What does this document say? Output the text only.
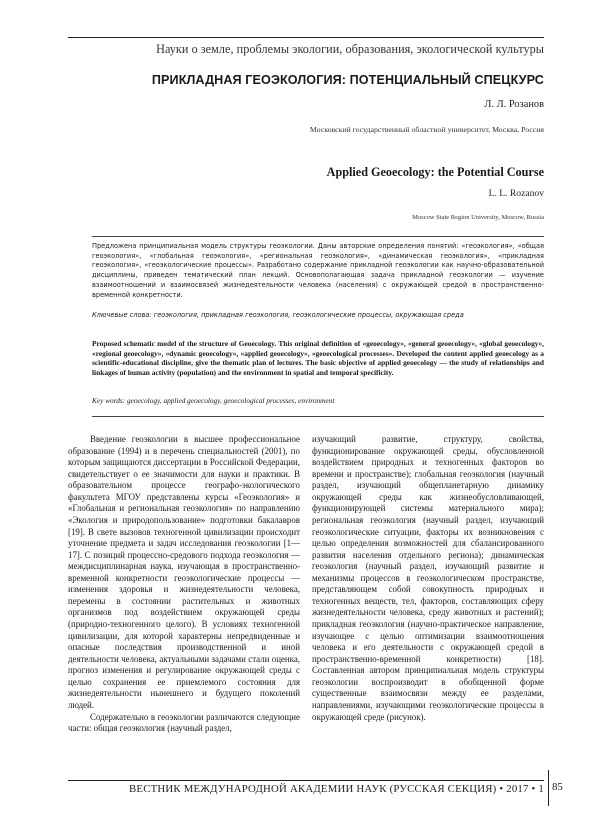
Науки о земле, проблемы экологии, образования, экологической культуры
ПРИКЛАДНАЯ ГЕОЭКОЛОГИЯ: ПОТЕНЦИАЛЬНЫЙ СПЕЦКУРС
Л. Л. Розанов
Московский государственный областной университет, Москва, Россия
Applied Geoecology: the Potential Course
L. L. Rozanov
Moscow State Region University, Moscow, Russia
Предложена принципиальная модель структуры геоэкологии. Даны авторские определения понятий: «геоэкология», «общая геоэкология», «глобальная геоэкология», «региональная геоэкология», «динамическая геоэкология», «прикладная геоэкология», «геоэкологические процессы». Разработано содержание прикладной геоэкологии как научно-образовательной дисциплины, приведен тематический план лекций. Основополагающая задача прикладной геоэкологии — изучение взаимоотношений и взаимосвязей жизнедеятельности человека (населения) с окружающей средой в пространственно-временной конкретности.
Ключевые слова: геоэкология, прикладная геоэкология, геоэкологические процессы, окружающая среда
Proposed schematic model of the structure of Geoecology. This original definition of «geoecology», «general geoecology», «global geoecology», «regional geoecology», «dynamic geoecology», «applied geoecology», «geoecological processes». Developed the content applied geoecology as a scientific-educational discipline, give the thematic plan of lectures. The basic objective of applied geoecology — the study of relationships and linkages of human activity (population) and the environment in spatial and temporal specificity.
Key words: geoecology, applied geoecology, geoecological processes, environment

Введение геоэкологии в высшее профессиональное образование (1994) и в перечень специальностей (2001), по которым защищаются диссертации в Российской Федерации, свидетельствует о ее значимости для науки и практики. В образовательном процессе географо-экологического факультета МГОУ представлены курсы «Геоэкология» и «Глобальная и региональная геоэкология» по направлению «Экология и природопользование» подготовки бакалавров [19]. В свете вызовов техногенной цивилизации происходит уточнение предмета и задач исследования геоэкологии [1—17]. С позиций процессно-средового подхода геоэкология — междисциплинарная наука, изучающая в пространственно-временной конкретности геоэкологические процессы — изменения здоровья и жизнедеятельности человека, перемены в состоянии растительных и животных организмов под воздействием окружающей среды (природно-техногенного целого). В условиях техногенной цивилизации, для которой характерны непредвиденные и опасные последствия производственной и иной деятельности человека, актуальными задачами стали оценка, прогноз изменения и регулирование окружающей среды с целью сохранения ее приемлемого состояния для жизнедеятельности нынешнего и будущего поколений людей.

Содержательно в геоэкологии различаются следующие части: общая геоэкология (научный раздел,

изучающий развитие, структуру, свойства, функционирование окружающей среды, обусловленной воздействием природных и техногенных факторов во времени и пространстве); глобальная геоэкология (научный раздел, изучающий общепланетарную динамику окружающей среды как жизнеобусловливающей, функционирующей системы материального мира); региональная геоэкология (научный раздел, изучающий геоэкологические ситуации, факторы их возникновения с целью определения возможностей для сбалансированного развития населения отдельного региона); динамическая геоэкология (научный раздел, изучающий развитие и механизмы процессов в геоэкологическом пространстве, представляющем собой совокупность природных и техногенных веществ, тел, факторов, составляющих сферу жизнедеятельности человека, среду животных и растений); прикладная геоэкология (научно-практическое направление, изучающее с целью оптимизации взаимоотношения человека и его деятельности с окружающей средой в пространственно-временной конкретности) [18]. Составленная автором принципиальная модель структуры геоэкологии воспроизводит в обобщенной форме существенные взаимосвязи между ее разделами, направлениями, изучающими геоэкологические процессы в окружающей среде (рисунок).

ВЕСТНИК МЕЖДУНАРОДНОЙ АКАДЕМИИ НАУК (РУССКАЯ СЕКЦИЯ) • 2017 • 1 85
